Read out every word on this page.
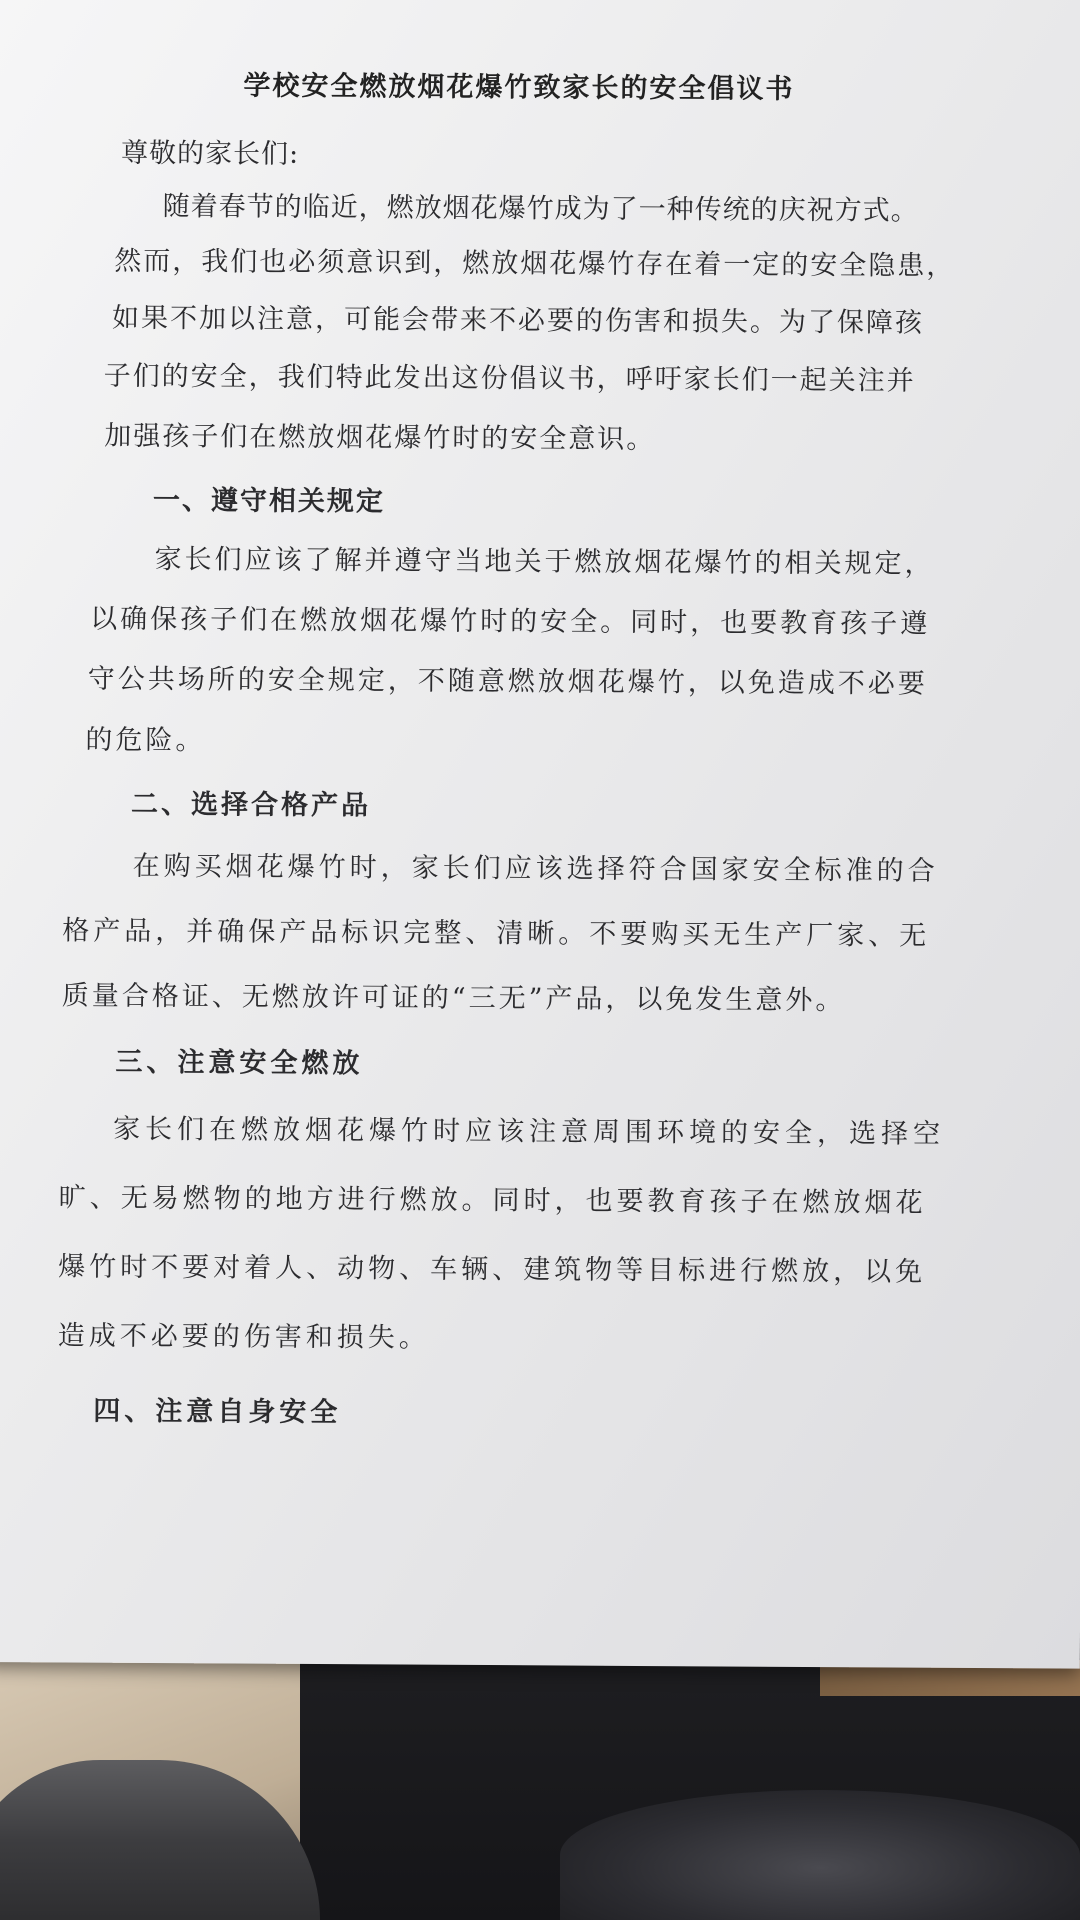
学校安全燃放烟花爆竹致家长的安全倡议书
尊敬的家长们:
随着春节的临近，燃放烟花爆竹成为了一种传统的庆祝方式。
然而，我们也必须意识到，燃放烟花爆竹存在着一定的安全隐患，
如果不加以注意，可能会带来不必要的伤害和损失。为了保障孩
子们的安全，我们特此发出这份倡议书，呼吁家长们一起关注并
加强孩子们在燃放烟花爆竹时的安全意识。
一、遵守相关规定
家长们应该了解并遵守当地关于燃放烟花爆竹的相关规定，
以确保孩子们在燃放烟花爆竹时的安全。同时，也要教育孩子遵
守公共场所的安全规定，不随意燃放烟花爆竹，以免造成不必要
的危险。
二、选择合格产品
在购买烟花爆竹时，家长们应该选择符合国家安全标准的合
格产品，并确保产品标识完整、清晰。不要购买无生产厂家、无
质量合格证、无燃放许可证的“三无”产品，以免发生意外。
三、注意安全燃放
家长们在燃放烟花爆竹时应该注意周围环境的安全，选择空
旷、无易燃物的地方进行燃放。同时，也要教育孩子在燃放烟花
爆竹时不要对着人、动物、车辆、建筑物等目标进行燃放，以免
造成不必要的伤害和损失。
四、注意自身安全
